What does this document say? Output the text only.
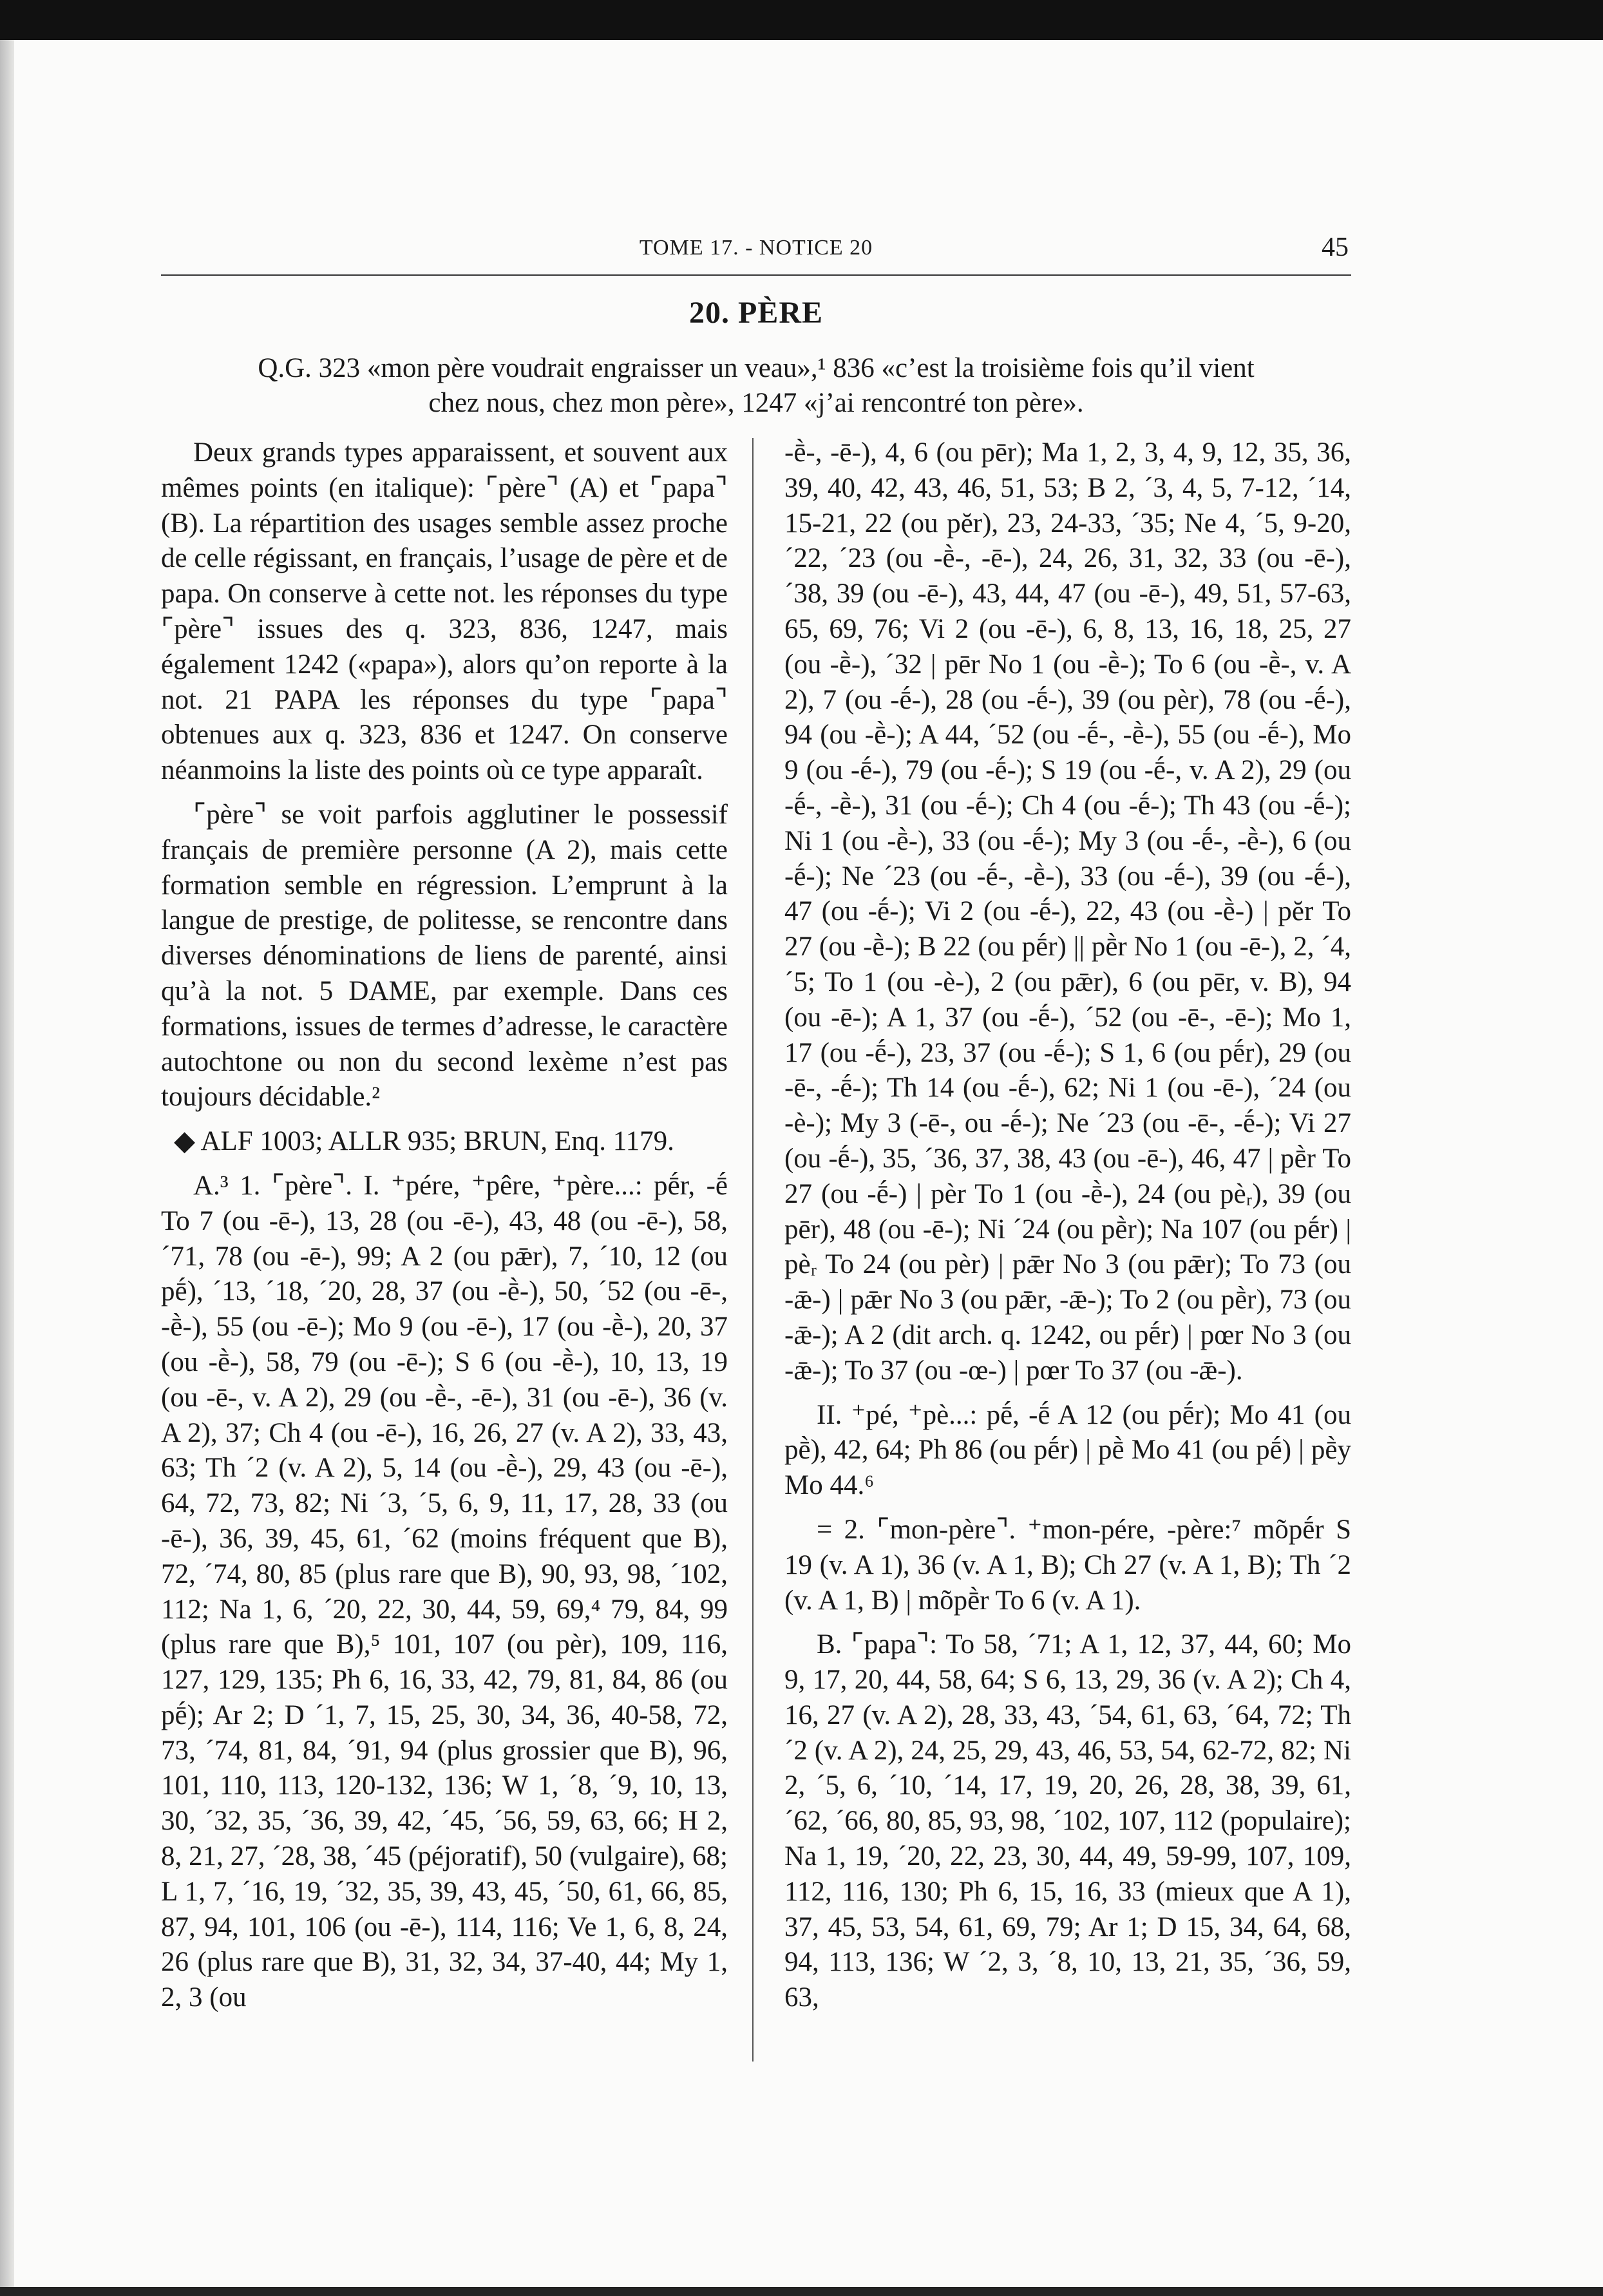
TOME 17. - NOTICE 20	45
20. PÈRE
Q.G. 323 «mon père voudrait engraisser un veau»,¹ 836 «c’est la troisième fois qu’il vient
chez nous, chez mon père», 1247 «j’ai rencontré ton père».

Deux grands types apparaissent, et souvent aux mêmes points (en italique): ⌜père⌝ (A) et ⌜papa⌝ (B). La répartition des usages semble assez proche de celle régissant, en français, l’usage de père et de papa. On conserve à cette not. les réponses du type ⌜père⌝ issues des q. 323, 836, 1247, mais également 1242 («papa»), alors qu’on reporte à la not. 21 PAPA les réponses du type ⌜papa⌝ obtenues aux q. 323, 836 et 1247. On conserve néanmoins la liste des points où ce type apparaît.

⌜père⌝ se voit parfois agglutiner le possessif français de première personne (A 2), mais cette formation semble en régression. L’emprunt à la langue de prestige, de politesse, se rencontre dans diverses dénominations de liens de parenté, ainsi qu’à la not. 5 DAME, par exemple. Dans ces formations, issues de termes d’adresse, le caractère autochtone ou non du second lexème n’est pas toujours décidable.²

◆ ALF 1003; ALLR 935; BRUN, Enq. 1179.

A.³ 1. ⌜père⌝. I. ⁺pére, ⁺pêre, ⁺père...: pḗr, -ḗ To 7 (ou -ē-), 13, 28 (ou -ē-), 43, 48 (ou -ē-), 58, ´71, 78 (ou -ē-), 99; A 2 (ou pǣr), 7, ´10, 12 (ou pḗ), ´13, ´18, ´20, 28, 37 (ou -ḕ-), 50, ´52 (ou -ē-, -ḕ-), 55 (ou -ē-); Mo 9 (ou -ē-), 17 (ou -ḕ-), 20, 37 (ou -ḕ-), 58, 79 (ou -ē-); S 6 (ou -ḕ-), 10, 13, 19 (ou -ē-, v. A 2), 29 (ou -ḕ-, -ē-), 31 (ou -ē-), 36 (v. A 2), 37; Ch 4 (ou -ē-), 16, 26, 27 (v. A 2), 33, 43, 63; Th ´2 (v. A 2), 5, 14 (ou -ḕ-), 29, 43 (ou -ē-), 64, 72, 73, 82; Ni ´3, ´5, 6, 9, 11, 17, 28, 33 (ou -ē-), 36, 39, 45, 61, ´62 (moins fréquent que B), 72, ´74, 80, 85 (plus rare que B), 90, 93, 98, ´102, 112; Na 1, 6, ´20, 22, 30, 44, 59, 69,⁴ 79, 84, 99 (plus rare que B),⁵ 101, 107 (ou pèr), 109, 116, 127, 129, 135; Ph 6, 16, 33, 42, 79, 81, 84, 86 (ou pḗ); Ar 2; D ´1, 7, 15, 25, 30, 34, 36, 40-58, 72, 73, ´74, 81, 84, ´91, 94 (plus grossier que B), 96, 101, 110, 113, 120-132, 136; W 1, ´8, ´9, 10, 13, 30, ´32, 35, ´36, 39, 42, ´45, ´56, 59, 63, 66; H 2, 8, 21, 27, ´28, 38, ´45 (péjoratif), 50 (vulgaire), 68; L 1, 7, ´16, 19, ´32, 35, 39, 43, 45, ´50, 61, 66, 85, 87, 94, 101, 106 (ou -ē-), 114, 116; Ve 1, 6, 8, 24, 26 (plus rare que B), 31, 32, 34, 37-40, 44; My 1, 2, 3 (ou

-ḕ-, -ē-), 4, 6 (ou pēr); Ma 1, 2, 3, 4, 9, 12, 35, 36, 39, 40, 42, 43, 46, 51, 53; B 2, ´3, 4, 5, 7-12, ´14, 15-21, 22 (ou pĕr), 23, 24-33, ´35; Ne 4, ´5, 9-20, ´22, ´23 (ou -ḕ-, -ē-), 24, 26, 31, 32, 33 (ou -ē-), ´38, 39 (ou -ē-), 43, 44, 47 (ou -ē-), 49, 51, 57-63, 65, 69, 76; Vi 2 (ou -ē-), 6, 8, 13, 16, 18, 25, 27 (ou -ḕ-), ´32 | pēr No 1 (ou -ḕ-); To 6 (ou -ḕ-, v. A 2), 7 (ou -ḗ-), 28 (ou -ḗ-), 39 (ou pèr), 78 (ou -ḗ-), 94 (ou -ḕ-); A 44, ´52 (ou -ḗ-, -ḕ-), 55 (ou -ḗ-), Mo 9 (ou -ḗ-), 79 (ou -ḗ-); S 19 (ou -ḗ-, v. A 2), 29 (ou -ḗ-, -ḕ-), 31 (ou -ḗ-); Ch 4 (ou -ḗ-); Th 43 (ou -ḗ-); Ni 1 (ou -ḕ-), 33 (ou -ḗ-); My 3 (ou -ḗ-, -ḕ-), 6 (ou -ḗ-); Ne ´23 (ou -ḗ-, -ḕ-), 33 (ou -ḗ-), 39 (ou -ḗ-), 47 (ou -ḗ-); Vi 2 (ou -ḗ-), 22, 43 (ou -ḕ-) | pĕr To 27 (ou -ḕ-); B 22 (ou pḗr) || pḕr No 1 (ou -ē-), 2, ´4, ´5; To 1 (ou -è-), 2 (ou pǣr), 6 (ou pēr, v. B), 94 (ou -ē-); A 1, 37 (ou -ḗ-), ´52 (ou -ē-, -ē-); Mo 1, 17 (ou -ḗ-), 23, 37 (ou -ḗ-); S 1, 6 (ou pḗr), 29 (ou -ē-, -ḗ-); Th 14 (ou -ḗ-), 62; Ni 1 (ou -ē-), ´24 (ou -è-); My 3 (-ē-, ou -ḗ-); Ne ´23 (ou -ē-, -ḗ-); Vi 27 (ou -ḗ-), 35, ´36, 37, 38, 43 (ou -ē-), 46, 47 | pḕr To 27 (ou -ḗ-) | pèr To 1 (ou -ḕ-), 24 (ou pèᵣ), 39 (ou pēr), 48 (ou -ē-); Ni ´24 (ou pḕr); Na 107 (ou pḗr) | pèᵣ To 24 (ou pèr) | pǣr No 3 (ou pǣr); To 73 (ou -ǣ-) | pǣr No 3 (ou pǣr, -ǣ-); To 2 (ou pḕr), 73 (ou -ǣ-); A 2 (dit arch. q. 1242, ou pḗr) | pœr No 3 (ou -ǣ-); To 37 (ou -œ-) | pœr To 37 (ou -ǣ-).

II. ⁺pé, ⁺pè...: pḗ, -ḗ A 12 (ou pḗr); Mo 41 (ou pḕ), 42, 64; Ph 86 (ou pḗr) | pḕ Mo 41 (ou pḗ) | pḕy Mo 44.⁶

= 2. ⌜mon-père⌝. ⁺mon-pére, -père:⁷ mõpḗr S 19 (v. A 1), 36 (v. A 1, B); Ch 27 (v. A 1, B); Th ´2 (v. A 1, B) | mõpḕr To 6 (v. A 1).

B. ⌜papa⌝: To 58, ´71; A 1, 12, 37, 44, 60; Mo 9, 17, 20, 44, 58, 64; S 6, 13, 29, 36 (v. A 2); Ch 4, 16, 27 (v. A 2), 28, 33, 43, ´54, 61, 63, ´64, 72; Th ´2 (v. A 2), 24, 25, 29, 43, 46, 53, 54, 62-72, 82; Ni 2, ´5, 6, ´10, ´14, 17, 19, 20, 26, 28, 38, 39, 61, ´62, ´66, 80, 85, 93, 98, ´102, 107, 112 (populaire); Na 1, 19, ´20, 22, 23, 30, 44, 49, 59-99, 107, 109, 112, 116, 130; Ph 6, 15, 16, 33 (mieux que A 1), 37, 45, 53, 54, 61, 69, 79; Ar 1; D 15, 34, 64, 68, 94, 113, 136; W ´2, 3, ´8, 10, 13, 21, 35, ´36, 59, 63,
